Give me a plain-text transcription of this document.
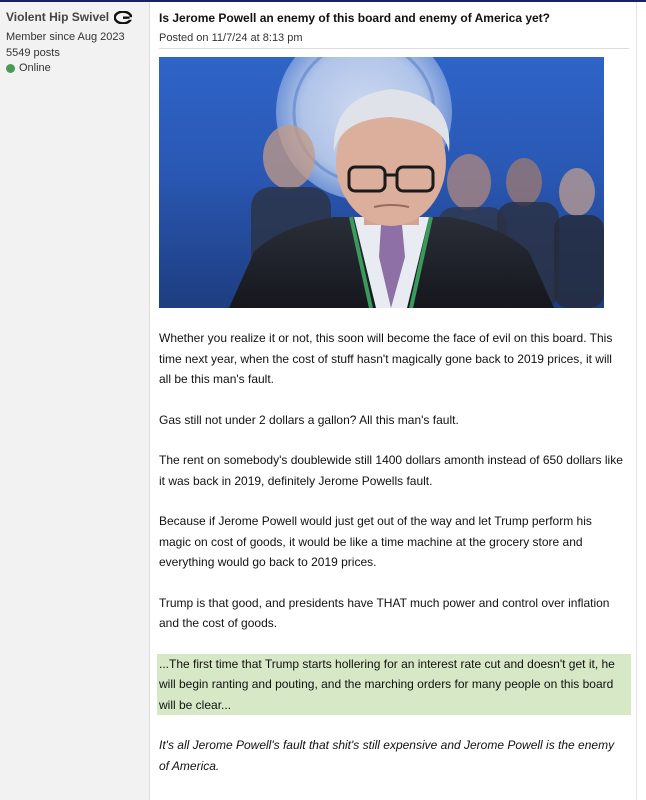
Violent Hip Swivel
Member since Aug 2023
5549 posts
Online
Is Jerome Powell an enemy of this board and enemy of America yet?
Posted on 11/7/24 at 8:13 pm

Whether you realize it or not, this soon will become the face of evil on this board. This time next year, when the cost of stuff hasn't magically gone back to 2019 prices, it will all be this man's fault.

Gas still not under 2 dollars a gallon? All this man's fault.

The rent on somebody's doublewide still 1400 dollars amonth instead of 650 dollars like it was back in 2019, definitely Jerome Powells fault.

Because if Jerome Powell would just get out of the way and let Trump perform his magic on cost of goods, it would be like a time machine at the grocery store and everything would go back to 2019 prices.

Trump is that good, and presidents have THAT much power and control over inflation and the cost of goods.

...The first time that Trump starts hollering for an interest rate cut and doesn't get it, he will begin ranting and pouting, and the marching orders for many people on this board will be clear...

It's all Jerome Powell's fault that shit's still expensive and Jerome Powell is the enemy of America.
